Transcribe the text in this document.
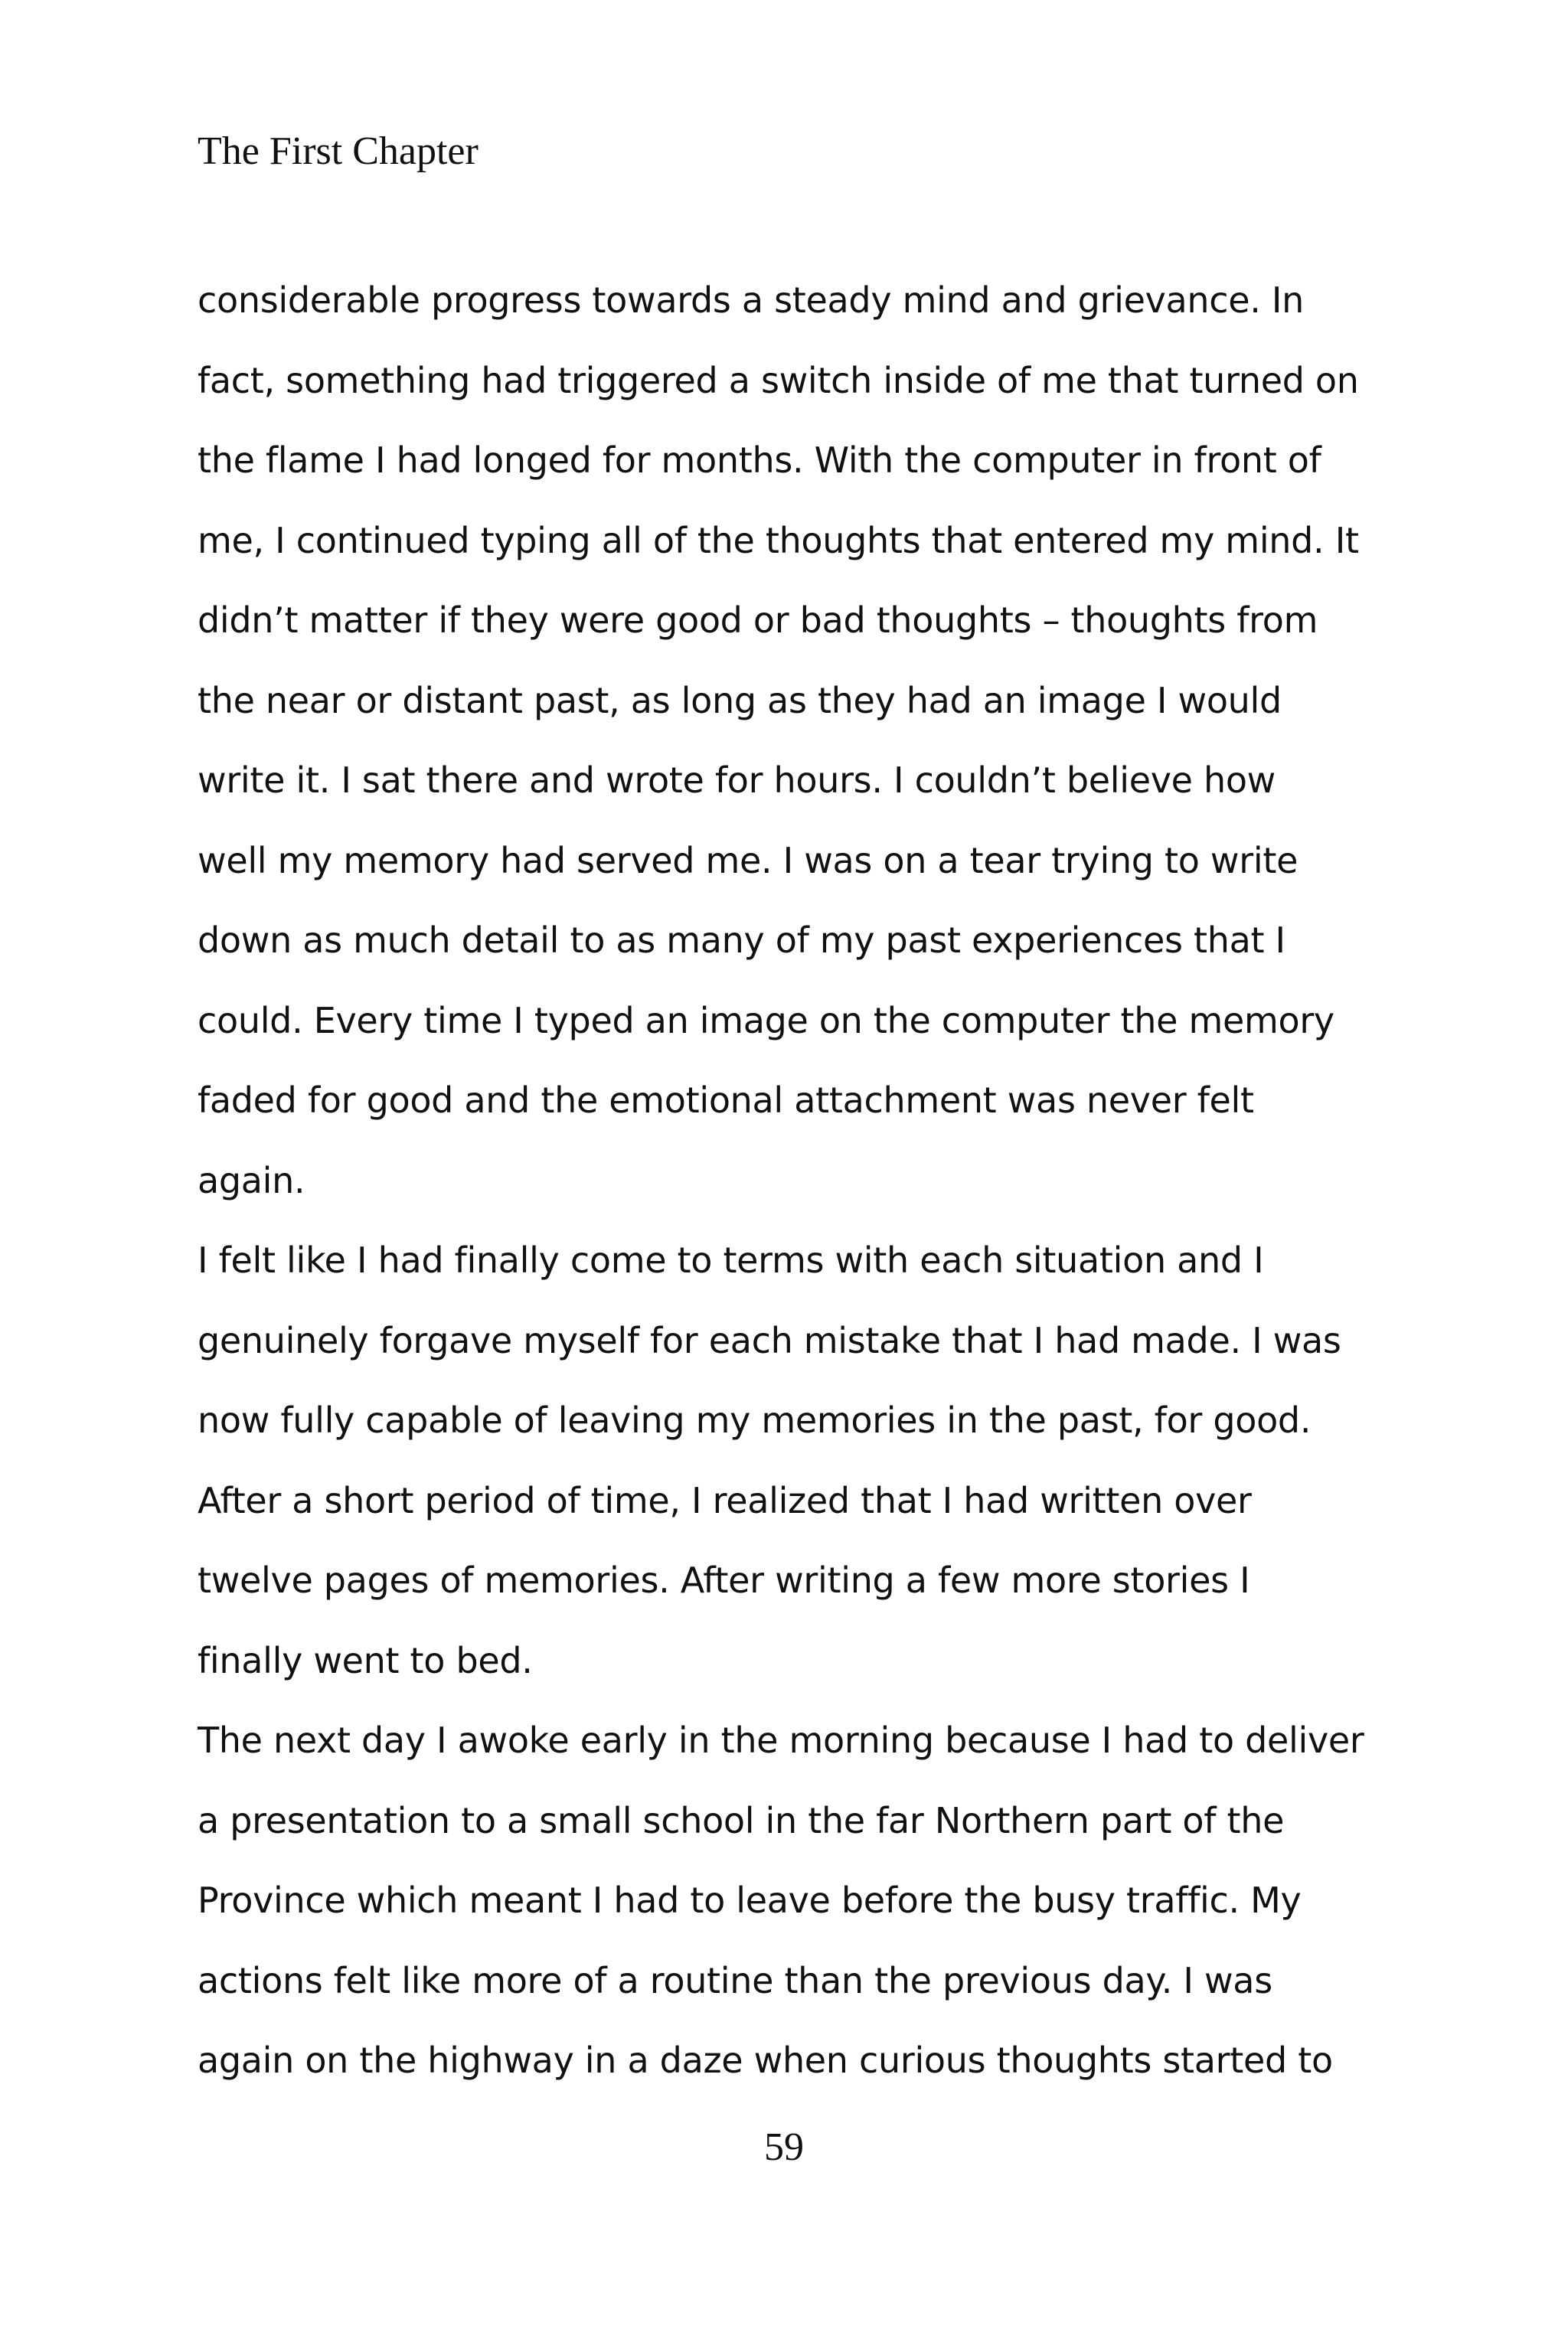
The First Chapter
considerable progress towards a steady mind and grievance. In
fact, something had triggered a switch inside of me that turned on
the flame I had longed for months. With the computer in front of
me, I continued typing all of the thoughts that entered my mind. It
didn’t matter if they were good or bad thoughts – thoughts from
the near or distant past, as long as they had an image I would
write it. I sat there and wrote for hours. I couldn’t believe how
well my memory had served me. I was on a tear trying to write
down as much detail to as many of my past experiences that I
could. Every time I typed an image on the computer the memory
faded for good and the emotional attachment was never felt
again.
I felt like I had finally come to terms with each situation and I
genuinely forgave myself for each mistake that I had made. I was
now fully capable of leaving my memories in the past, for good.
After a short period of time, I realized that I had written over
twelve pages of memories. After writing a few more stories I
finally went to bed.
The next day I awoke early in the morning because I had to deliver
a presentation to a small school in the far Northern part of the
Province which meant I had to leave before the busy traffic. My
actions felt like more of a routine than the previous day. I was
again on the highway in a daze when curious thoughts started to
59
